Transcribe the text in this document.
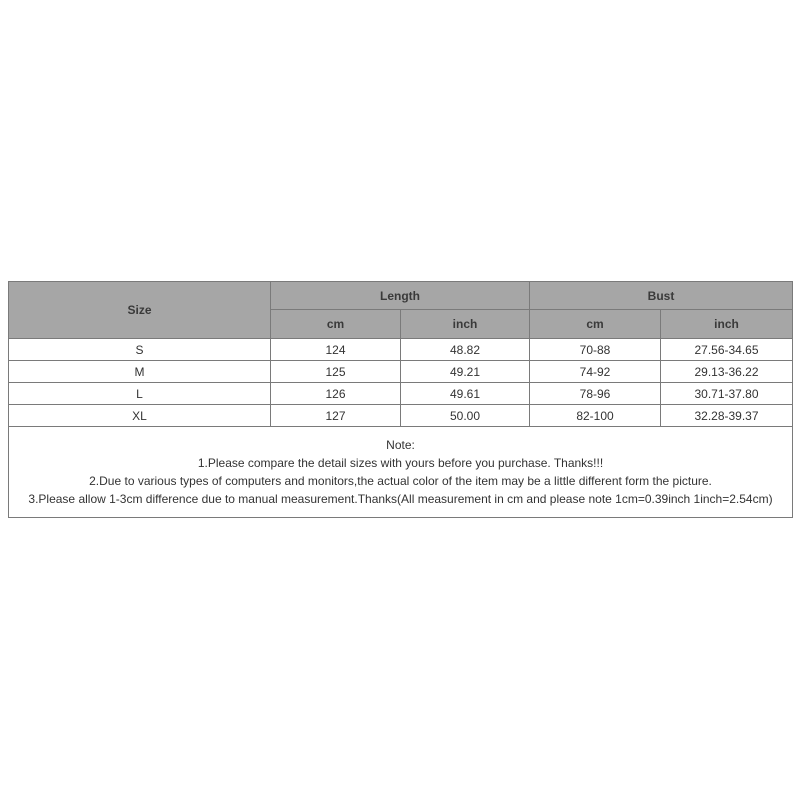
Size	Length		Bust	
	cm	inch	cm	inch
S	124	48.82	70-88	27.56-34.65
M	125	49.21	74-92	29.13-36.22
L	126	49.61	78-96	30.71-37.80
XL	127	50.00	82-100	32.28-39.37

Note:
1.Please compare the detail sizes with yours before you purchase. Thanks!!!
2.Due to various types of computers and monitors,the actual color of the item may be a little different form the picture.
3.Please allow 1-3cm difference due to manual measurement.Thanks(All measurement in cm and please note 1cm=0.39inch 1inch=2.54cm)				
